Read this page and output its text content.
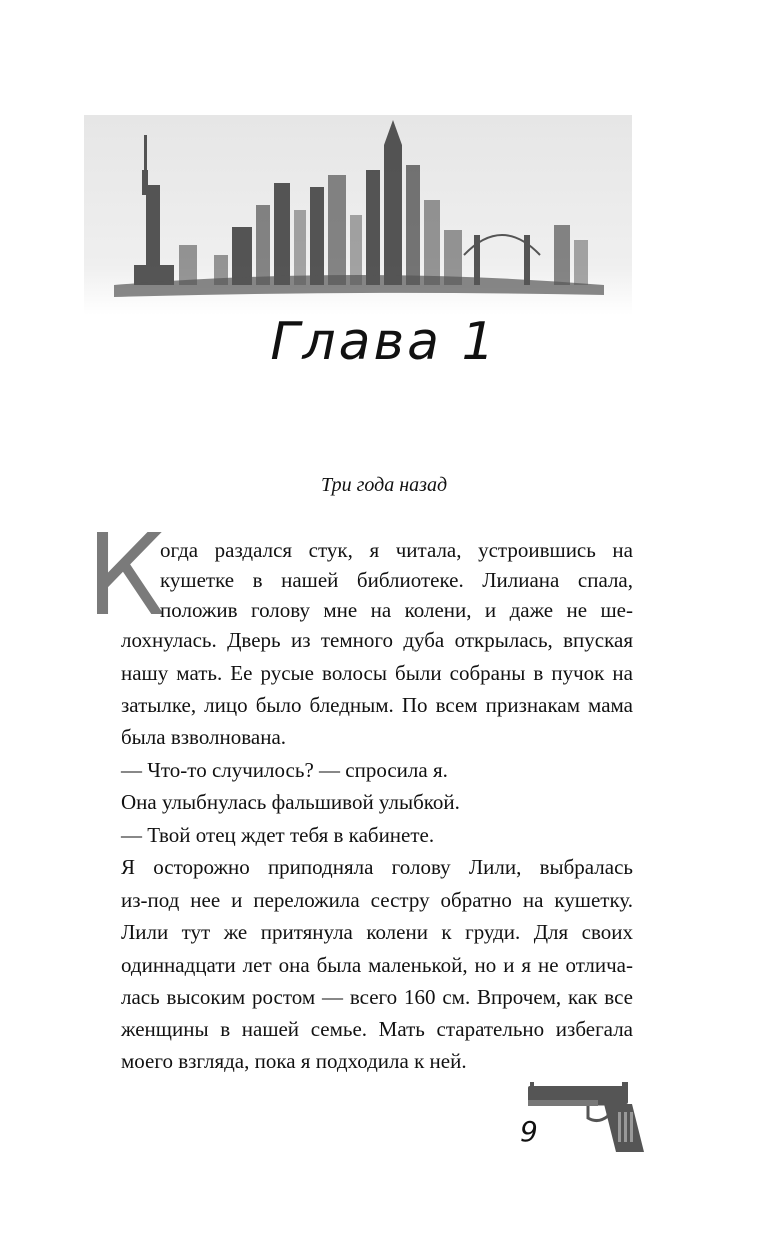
Глава 1
Три года назад
К
огда раздался стук, я читала, устроившись на
кушетке в нашей библиотеке. Лилиана спала,
положив голову мне на колени, и даже не ше-
лохнулась. Дверь из темного дуба открылась, впуская
нашу мать. Ее русые волосы были собраны в пучок на
затылке, лицо было бледным. По всем признакам мама
была взволнована.
— Что-то случилось? — спросила я.
Она улыбнулась фальшивой улыбкой.
— Твой отец ждет тебя в кабинете.
Я осторожно приподняла голову Лили, выбралась
из-под нее и переложила сестру обратно на кушетку.
Лили тут же притянула колени к груди. Для своих
одиннадцати лет она была маленькой, но и я не отлича-
лась высоким ростом — всего 160 см. Впрочем, как все
женщины в нашей семье. Мать старательно избегала
моего взгляда, пока я подходила к ней.
9
